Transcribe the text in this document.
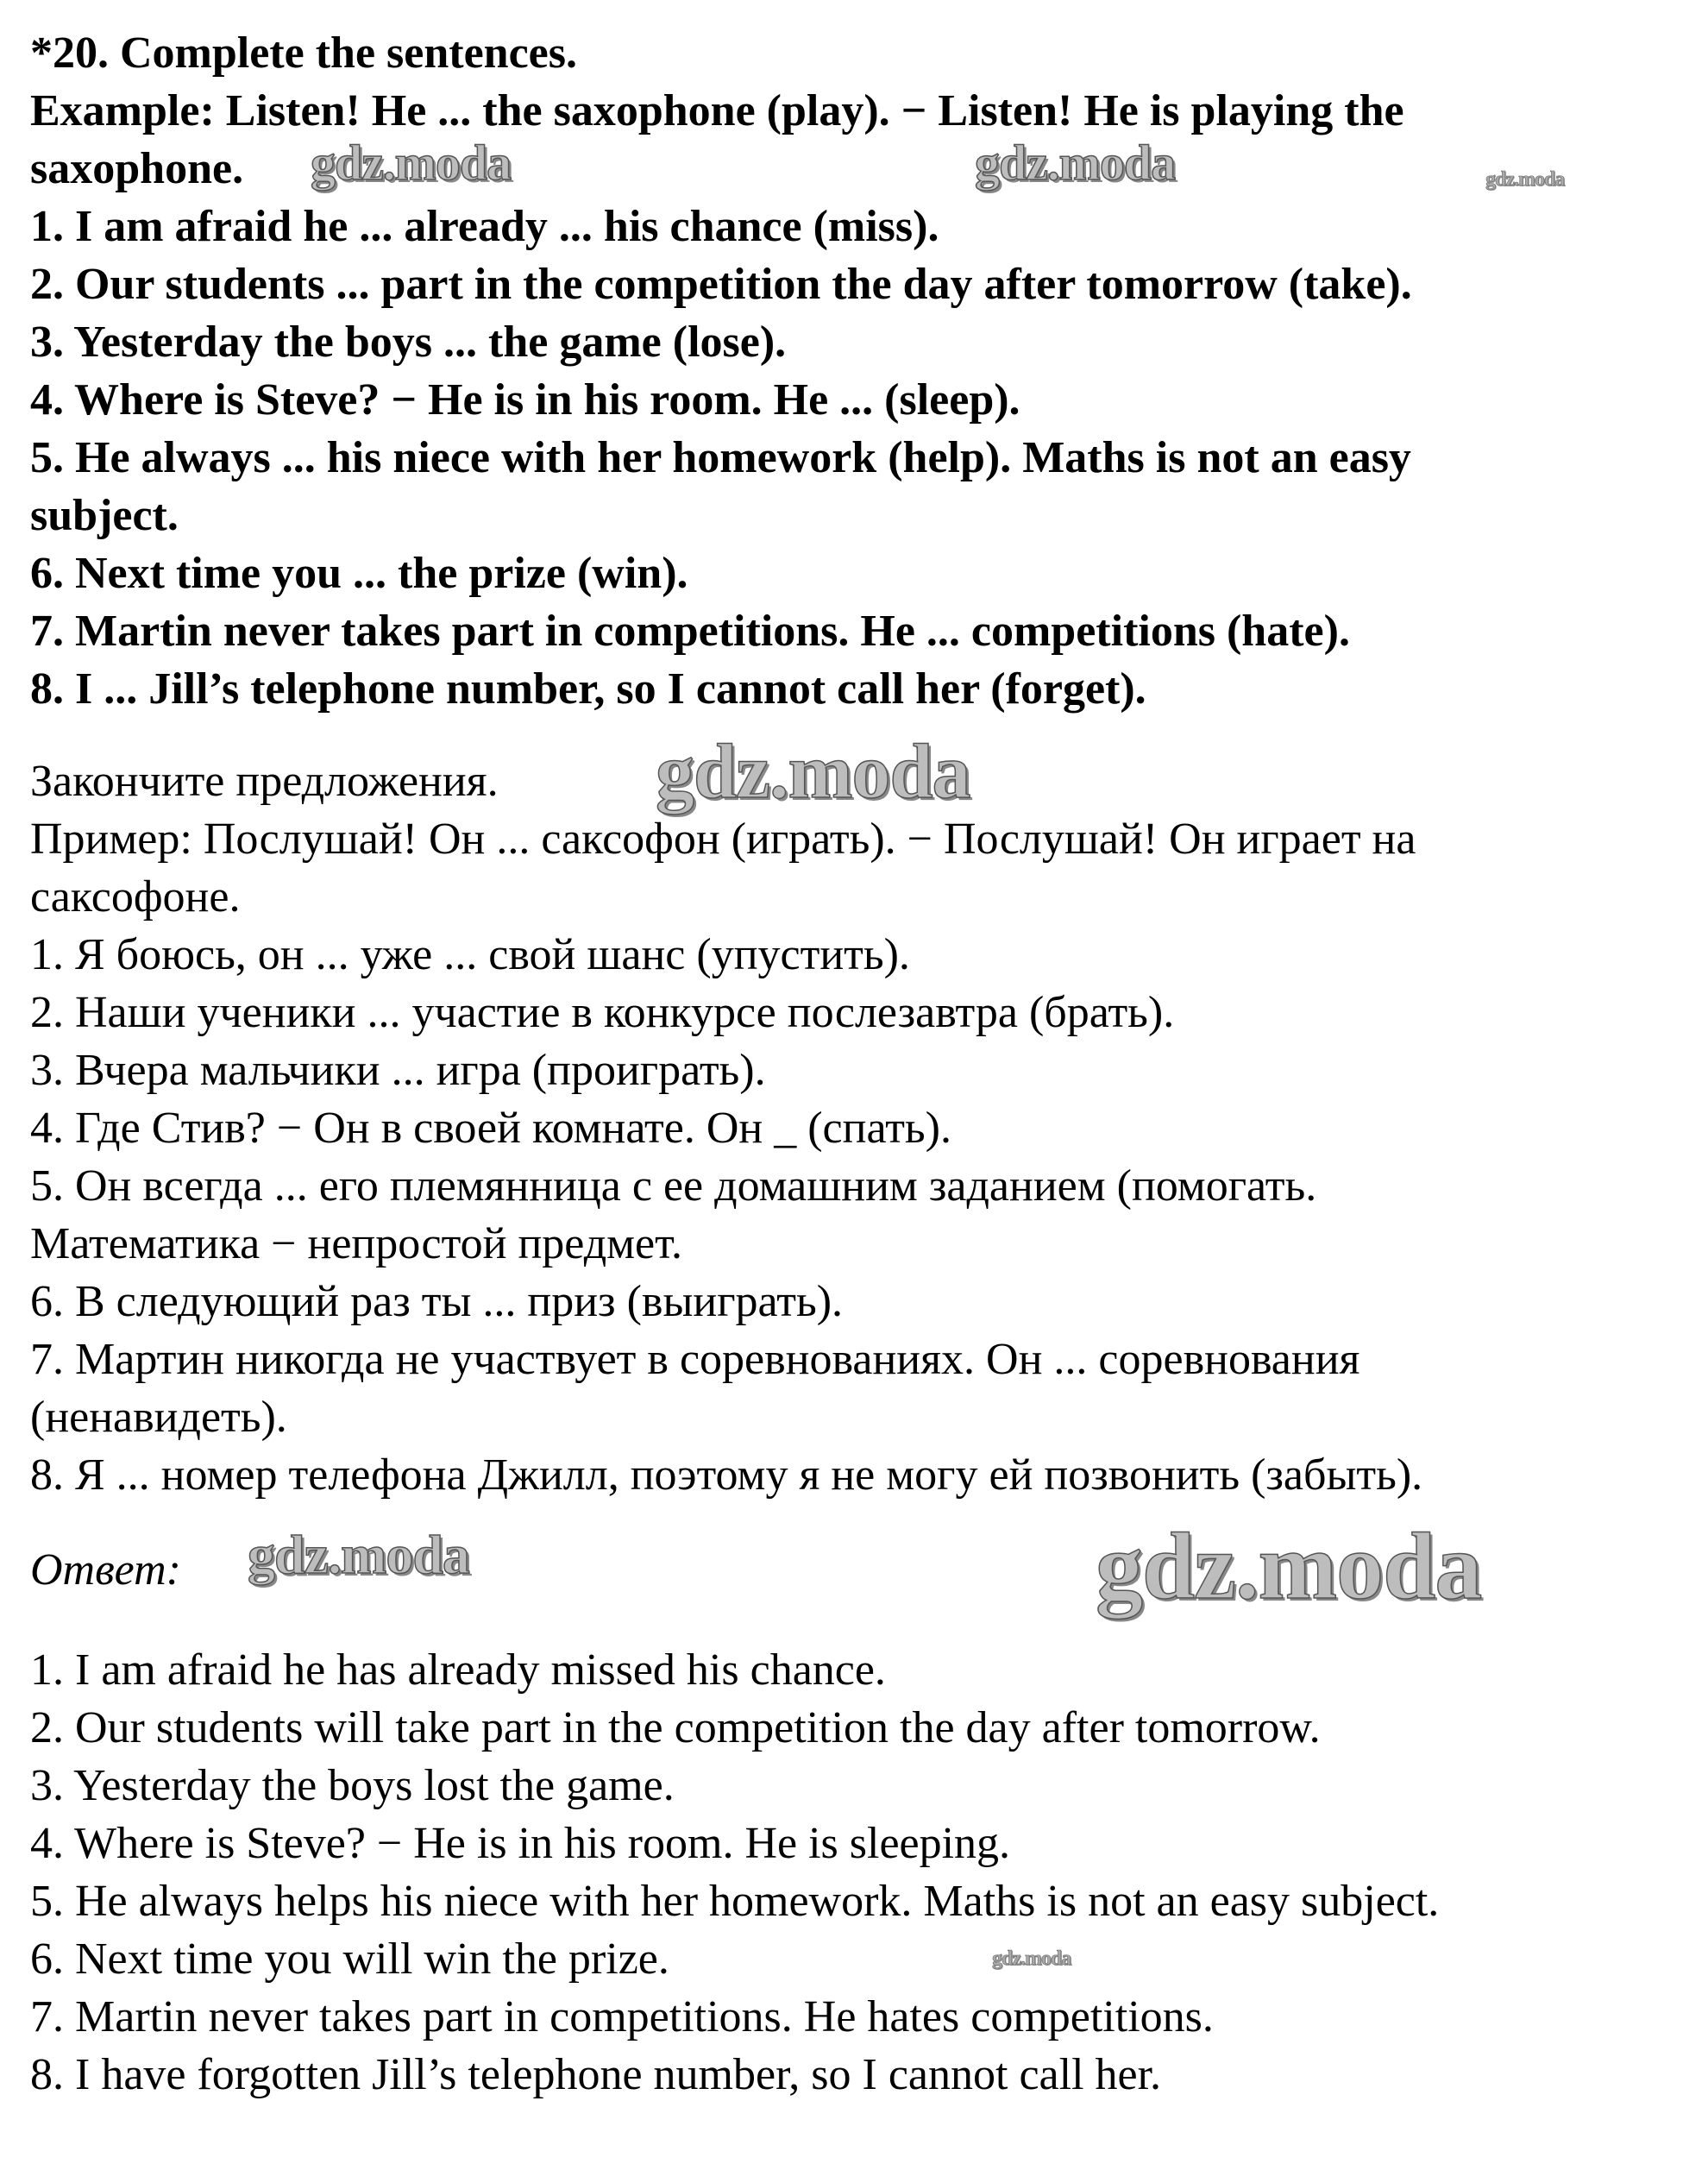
*20. Complete the sentences.
Example: Listen! He ... the saxophone (play). − Listen! He is playing the
saxophone.
1. I am afraid he ... already ... his chance (miss).
2. Our students ... part in the competition the day after tomorrow (take).
3. Yesterday the boys ... the game (lose).
4. Where is Steve? − He is in his room. He ... (sleep).
5. He always ... his niece with her homework (help). Maths is not an easy
subject.
6. Next time you ... the prize (win).
7. Martin never takes part in competitions. He ... competitions (hate).
8. I ... Jill’s telephone number, so I cannot call her (forget).
Закончите предложения.
Пример: Послушай! Он ... саксофон (играть). − Послушай! Он играет на
саксофоне.
1. Я боюсь, он ... уже ... свой шанс (упустить).
2. Наши ученики ... участие в конкурсе послезавтра (брать).
3. Вчера мальчики ... игра (проиграть).
4. Где Стив? − Он в своей комнате. Он _ (спать).
5. Он всегда ... его племянница с ее домашним заданием (помогать.
Математика − непростой предмет.
6. В следующий раз ты ... приз (выиграть).
7. Мартин никогда не участвует в соревнованиях. Он ... соревнования
(ненавидеть).
8. Я ... номер телефона Джилл, поэтому я не могу ей позвонить (забыть).
Ответ:
1. I am afraid he has already missed his chance.
2. Our students will take part in the competition the day after tomorrow.
3. Yesterday the boys lost the game.
4. Where is Steve? − He is in his room. He is sleeping.
5. He always helps his niece with her homework. Maths is not an easy subject.
6. Next time you will win the prize.
7. Martin never takes part in competitions. He hates competitions.
8. I have forgotten Jill’s telephone number, so I cannot call her.
gdz.moda	gdz.moda	gdz.moda
gdz.moda
gdz.moda	gdz.moda
gdz.moda
